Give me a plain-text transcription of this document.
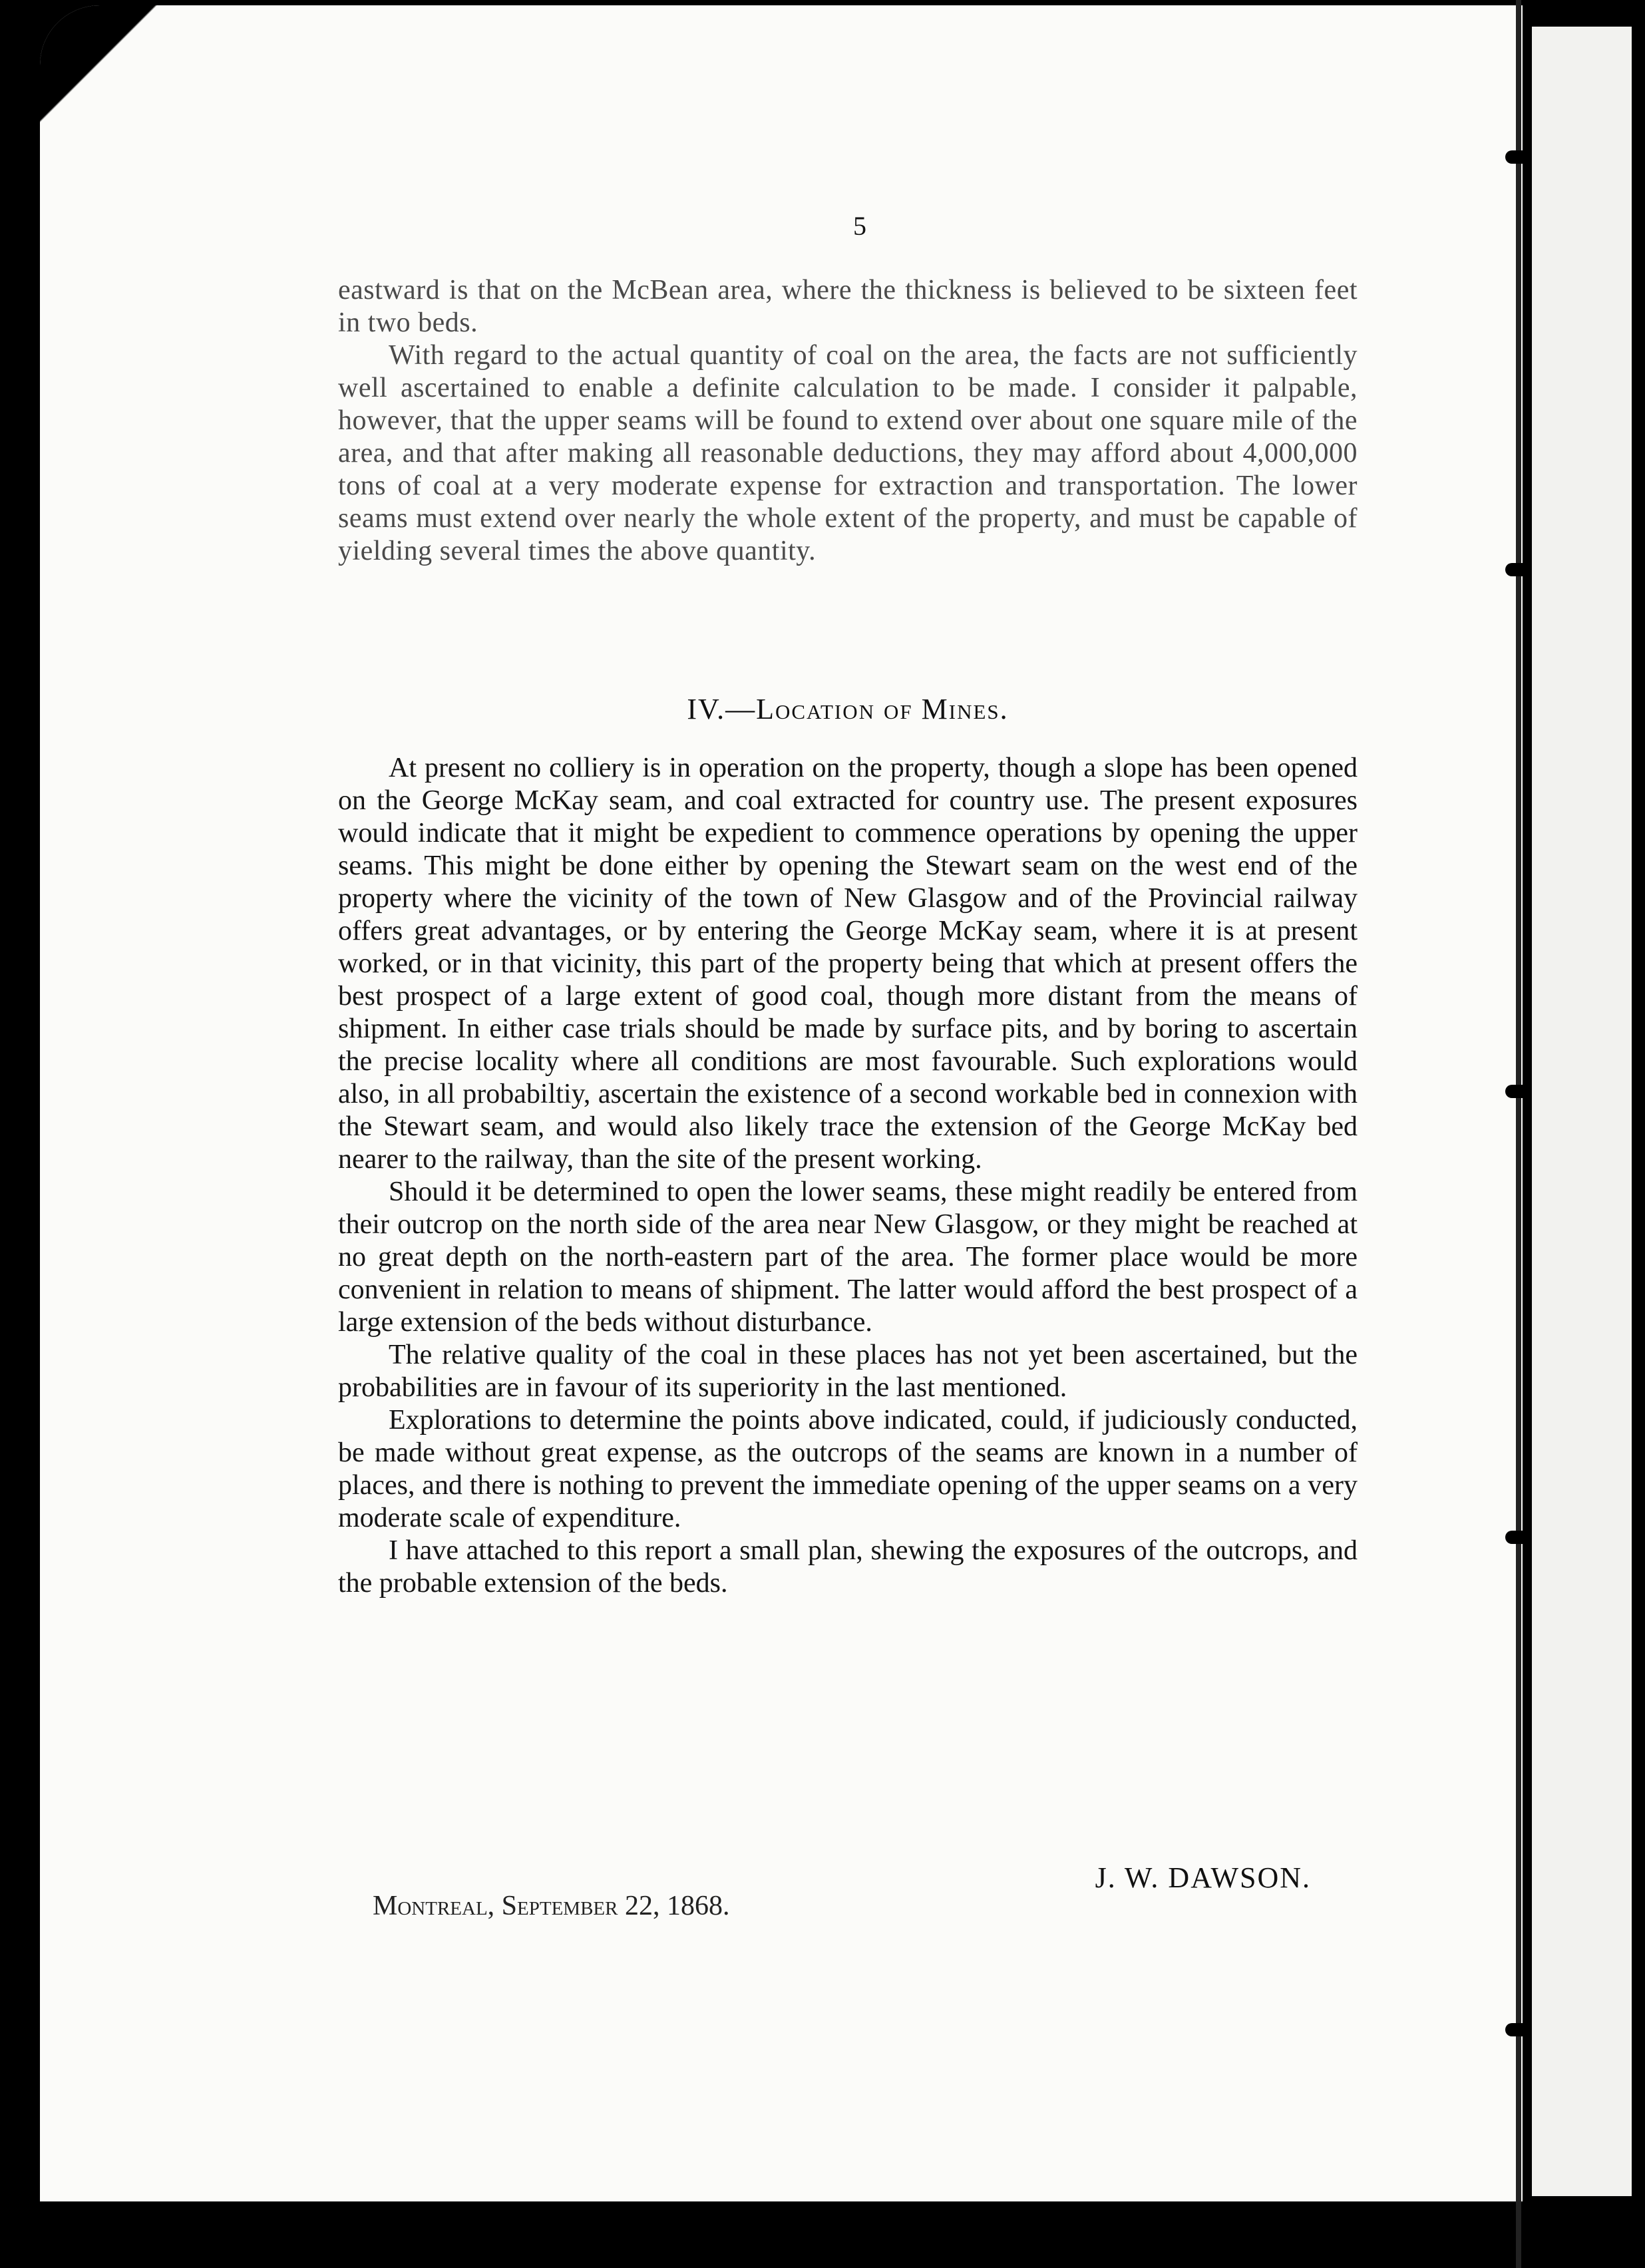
5

eastward is that on the McBean area, where the thickness is believed to be sixteen feet in two beds.

With regard to the actual quantity of coal on the area, the facts are not sufficiently well ascertained to enable a definite calculation to be made. I consider it palpable, however, that the upper seams will be found to extend over about one square mile of the area, and that after making all reasonable deductions, they may afford about 4,000,000 tons of coal at a very moderate expense for extraction and transportation. The lower seams must extend over nearly the whole extent of the property, and must be capable of yielding several times the above quantity.

IV.—Location of Mines.

At present no colliery is in operation on the property, though a slope has been opened on the George McKay seam, and coal extracted for country use. The present exposures would indicate that it might be expedient to commence operations by opening the upper seams. This might be done either by opening the Stewart seam on the west end of the property where the vicinity of the town of New Glasgow and of the Provincial railway offers great advantages, or by entering the George McKay seam, where it is at present worked, or in that vicinity, this part of the property being that which at present offers the best prospect of a large extent of good coal, though more distant from the means of shipment. In either case trials should be made by surface pits, and by boring to ascertain the precise locality where all conditions are most favourable. Such explorations would also, in all probabiltiy, ascertain the existence of a second workable bed in connexion with the Stewart seam, and would also likely trace the extension of the George McKay bed nearer to the railway, than the site of the present working.

Should it be determined to open the lower seams, these might readily be entered from their outcrop on the north side of the area near New Glasgow, or they might be reached at no great depth on the north-eastern part of the area. The former place would be more convenient in relation to means of shipment. The latter would afford the best prospect of a large extension of the beds without disturbance.

The relative quality of the coal in these places has not yet been ascertained, but the probabilities are in favour of its superiority in the last mentioned.

Explorations to determine the points above indicated, could, if judiciously conducted, be made without great expense, as the outcrops of the seams are known in a number of places, and there is nothing to prevent the immediate opening of the upper seams on a very moderate scale of expenditure.

I have attached to this report a small plan, shewing the exposures of the outcrops, and the probable extension of the beds.

J. W. DAWSON.
Montreal, September 22, 1868.
